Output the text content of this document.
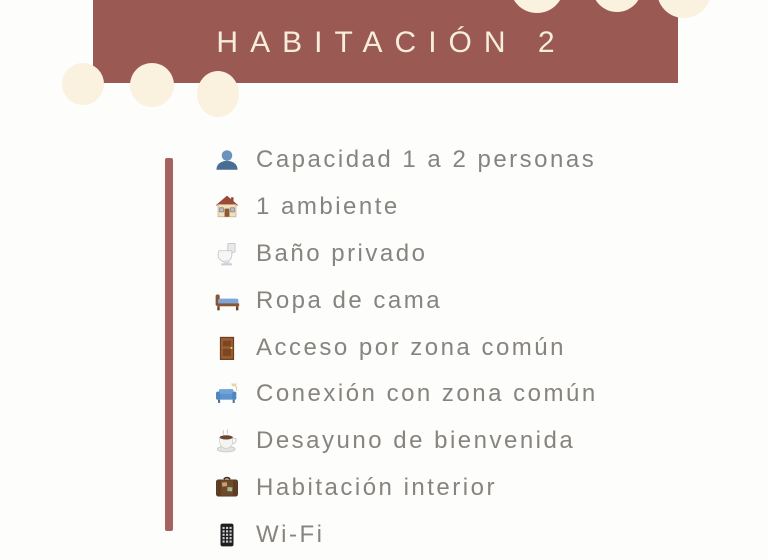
HABITACIÓN 2
Capacidad 1 a 2 personas
1 ambiente
Baño privado
Ropa de cama
Acceso por zona común
Conexión con zona común
Desayuno de bienvenida
Habitación interior
Wi-Fi
